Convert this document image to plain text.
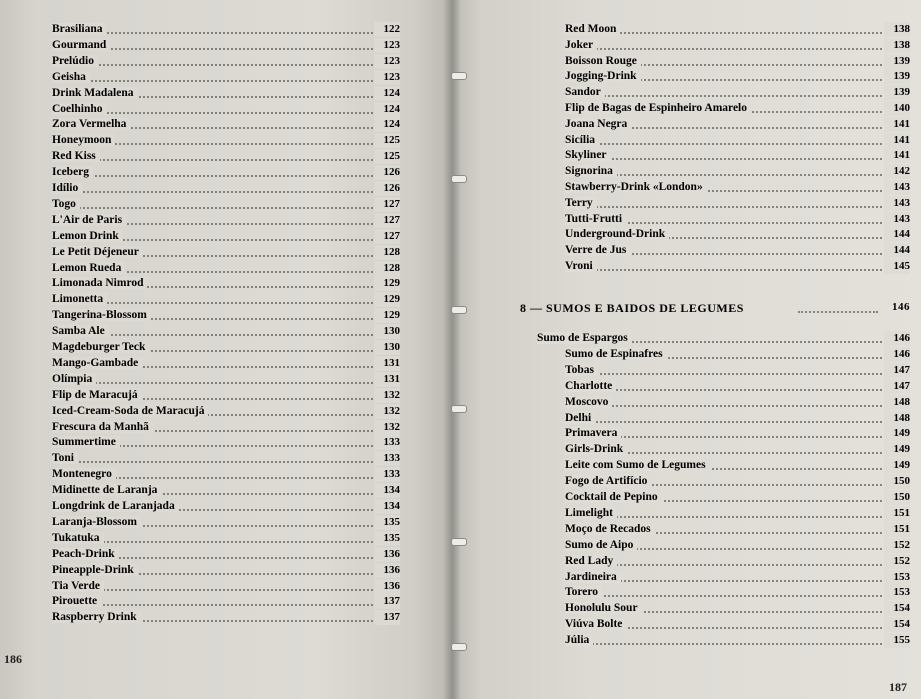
Brasiliana	122
Gourmand	123
Prelúdio	123
Geisha	123
Drink Madalena	124
Coelhinho	124
Zora Vermelha	124
Honeymoon	125
Red Kiss	125
Iceberg	126
Idílio	126
Togo	127
L'Air de Paris	127
Lemon Drink	127
Le Petit Déjeneur	128
Lemon Rueda	128
Limonada Nimrod	129
Limonetta	129
Tangerina-Blossom	129
Samba Ale	130
Magdeburger Teck	130
Mango-Gambade	131
Olímpia	131
Flip de Maracujá	132
Iced-Cream-Soda de Maracujá	132
Frescura da Manhã	132
Summertime	133
Toni	133
Montenegro	133
Midinette de Laranja	134
Longdrink de Laranjada	134
Laranja-Blossom	135
Tukatuka	135
Peach-Drink	136
Pineapple-Drink	136
Tia Verde	136
Pirouette	137
Raspberry Drink	137
Red Moon	138
Joker	138
Boisson Rouge	139
Jogging-Drink	139
Sandor	139
Flip de Bagas de Espinheiro Amarelo	140
Joana Negra	141
Sicília	141
Skyliner	141
Signorina	142
Stawberry-Drink «London»	143
Terry	143
Tutti-Frutti	143
Underground-Drink	144
Verre de Jus	144
Vroni	145
8 — SUMOS E BAIDOS DE LEGUMES	146
Sumo de Espargos	146
Sumo de Espinafres	146
Tobas	147
Charlotte	147
Moscovo	148
Delhi	148
Primavera	149
Girls-Drink	149
Leite com Sumo de Legumes	149
Fogo de Artifício	150
Cocktail de Pepino	150
Limelight	151
Moço de Recados	151
Sumo de Aipo	152
Red Lady	152
Jardineira	153
Torero	153
Honolulu Sour	154
Viúva Bolte	154
Júlia	155
186
187
